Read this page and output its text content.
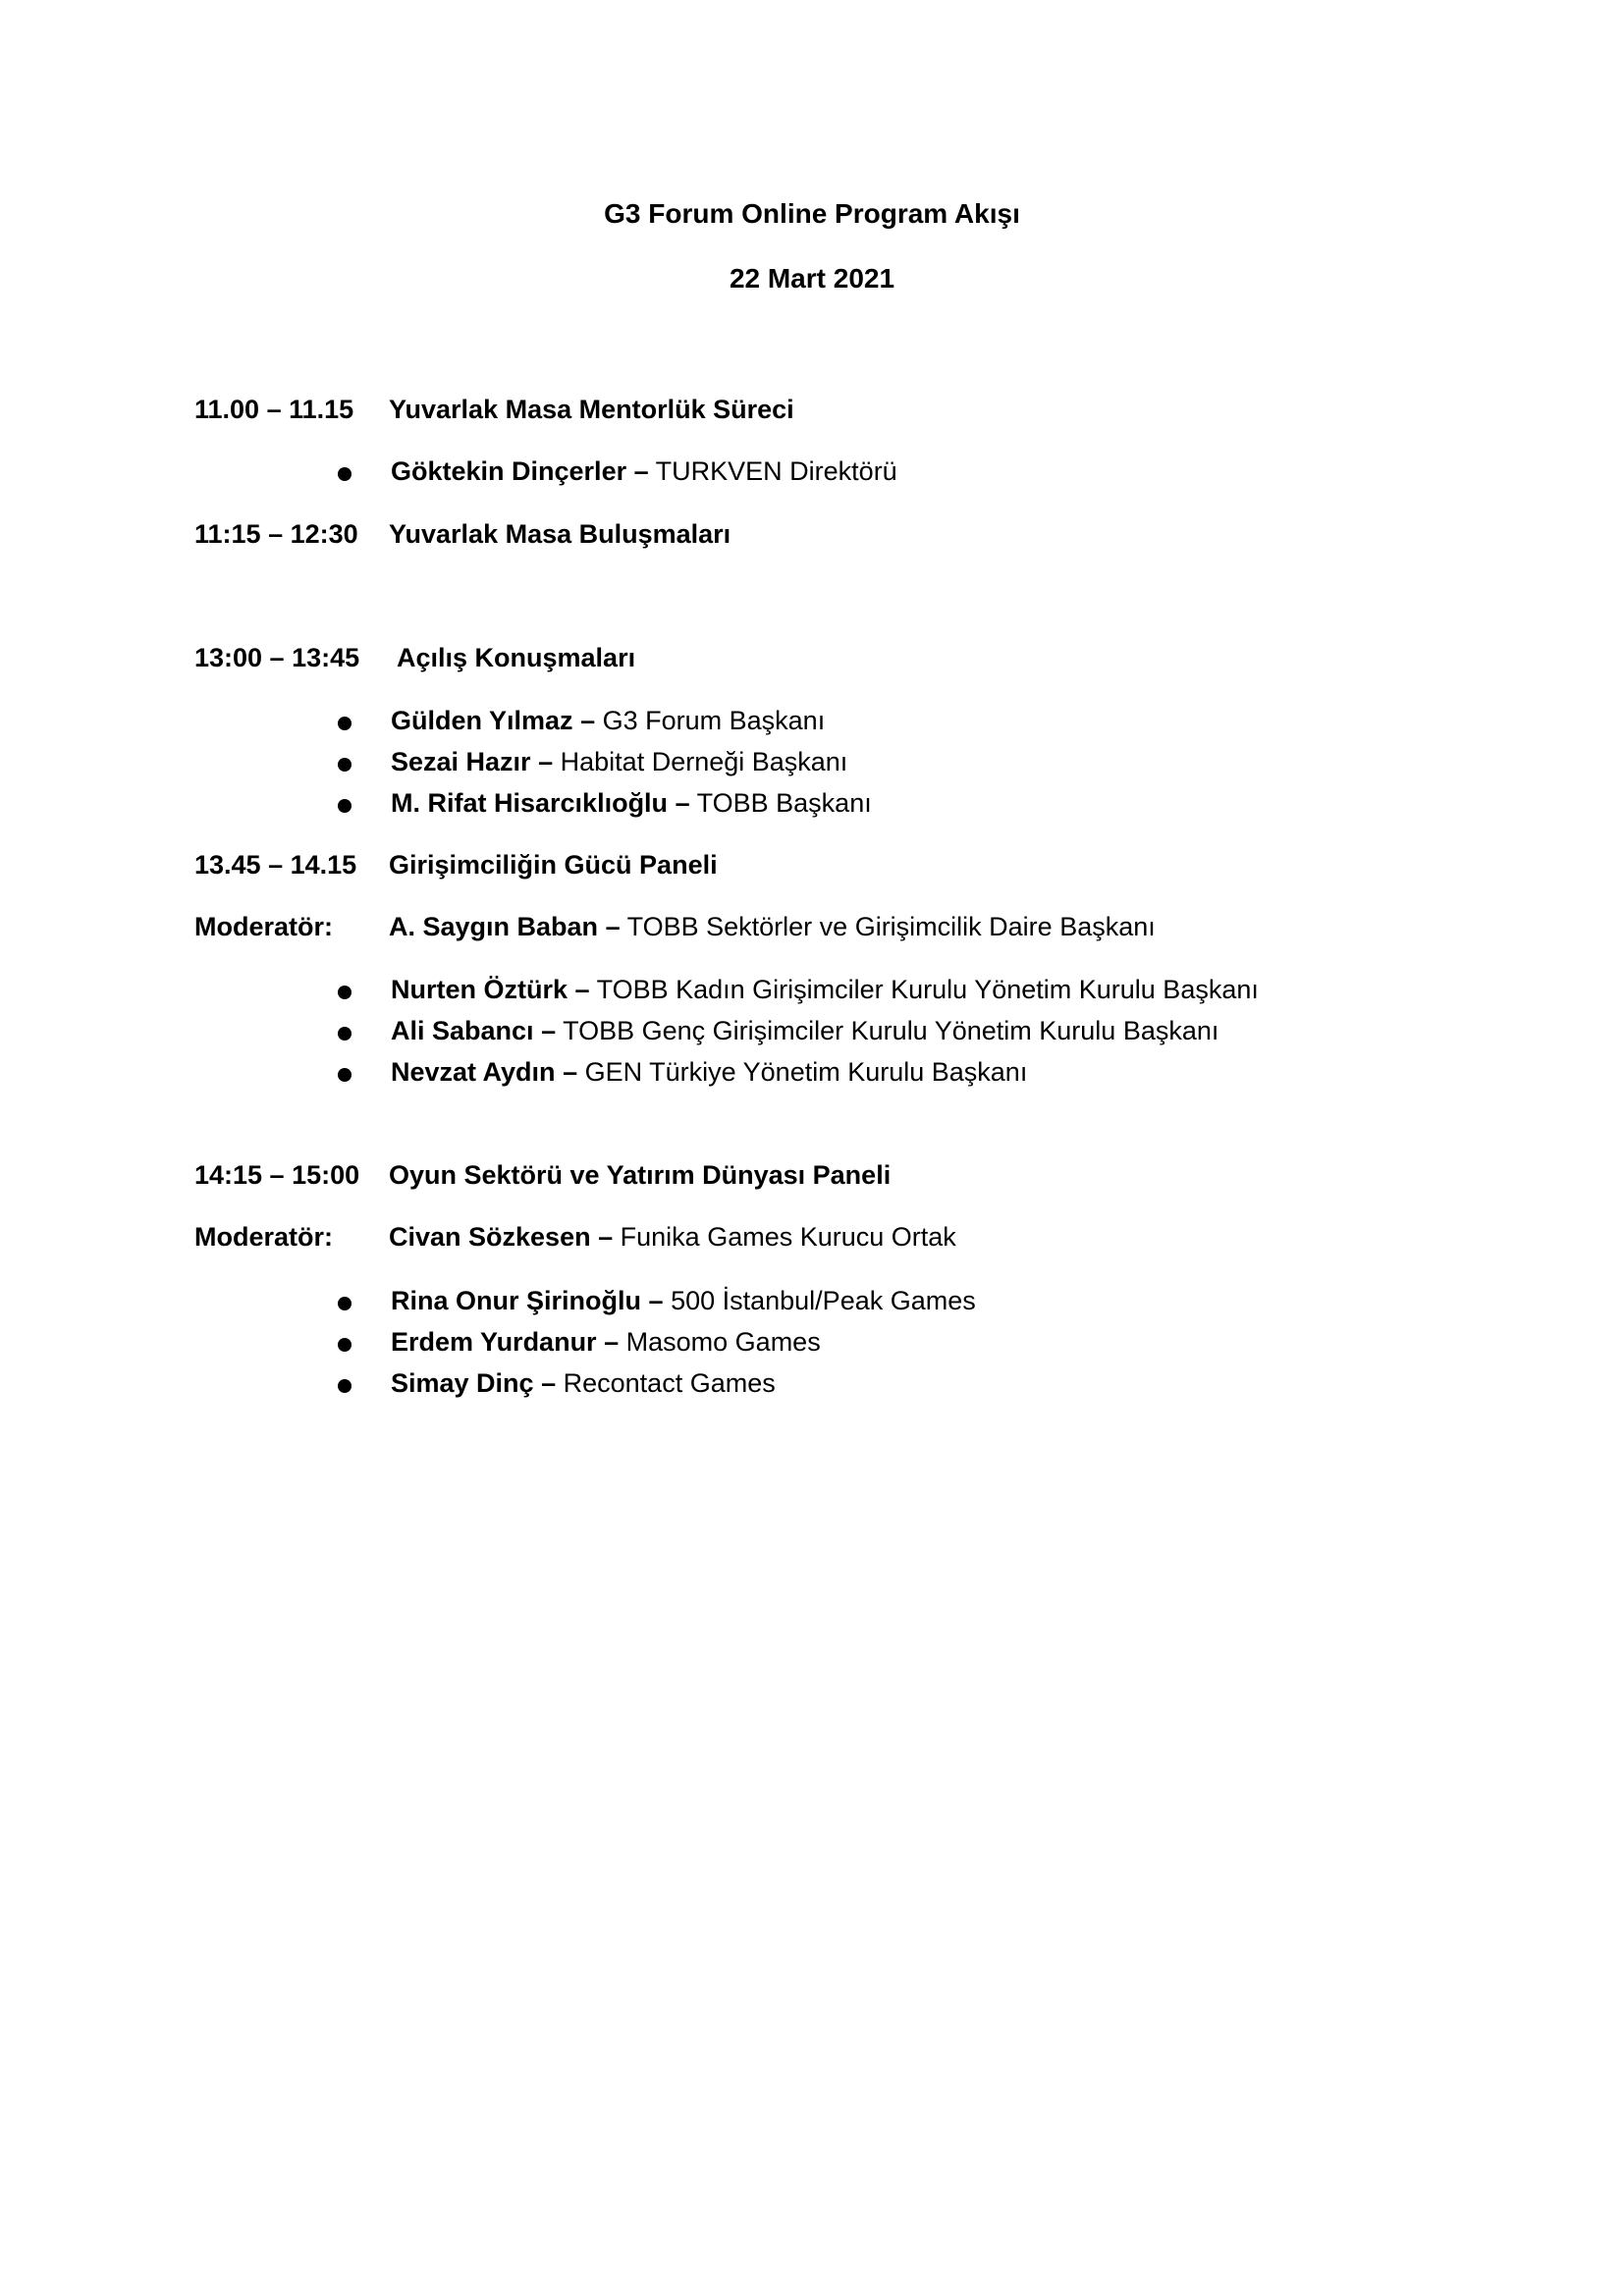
G3 Forum Online Program Akışı
22 Mart 2021
11.00 – 11.15 Yuvarlak Masa Mentorlük Süreci
Göktekin Dinçerler – TURKVEN Direktörü
11:15 – 12:30 Yuvarlak Masa Buluşmaları
13:00 – 13:45 Açılış Konuşmaları
Gülden Yılmaz – G3 Forum Başkanı
Sezai Hazır – Habitat Derneği Başkanı
M. Rifat Hisarcıklıoğlu – TOBB Başkanı
13.45 – 14.15 Girişimciliğin Gücü Paneli
Moderatör: A. Saygın Baban – TOBB Sektörler ve Girişimcilik Daire Başkanı
Nurten Öztürk – TOBB Kadın Girişimciler Kurulu Yönetim Kurulu Başkanı
Ali Sabancı – TOBB Genç Girişimciler Kurulu Yönetim Kurulu Başkanı
Nevzat Aydın – GEN Türkiye Yönetim Kurulu Başkanı
14:15 – 15:00 Oyun Sektörü ve Yatırım Dünyası Paneli
Moderatör: Civan Sözkesen – Funika Games Kurucu Ortak
Rina Onur Şirinoğlu – 500 İstanbul/Peak Games
Erdem Yurdanur – Masomo Games
Simay Dinç – Recontact Games
